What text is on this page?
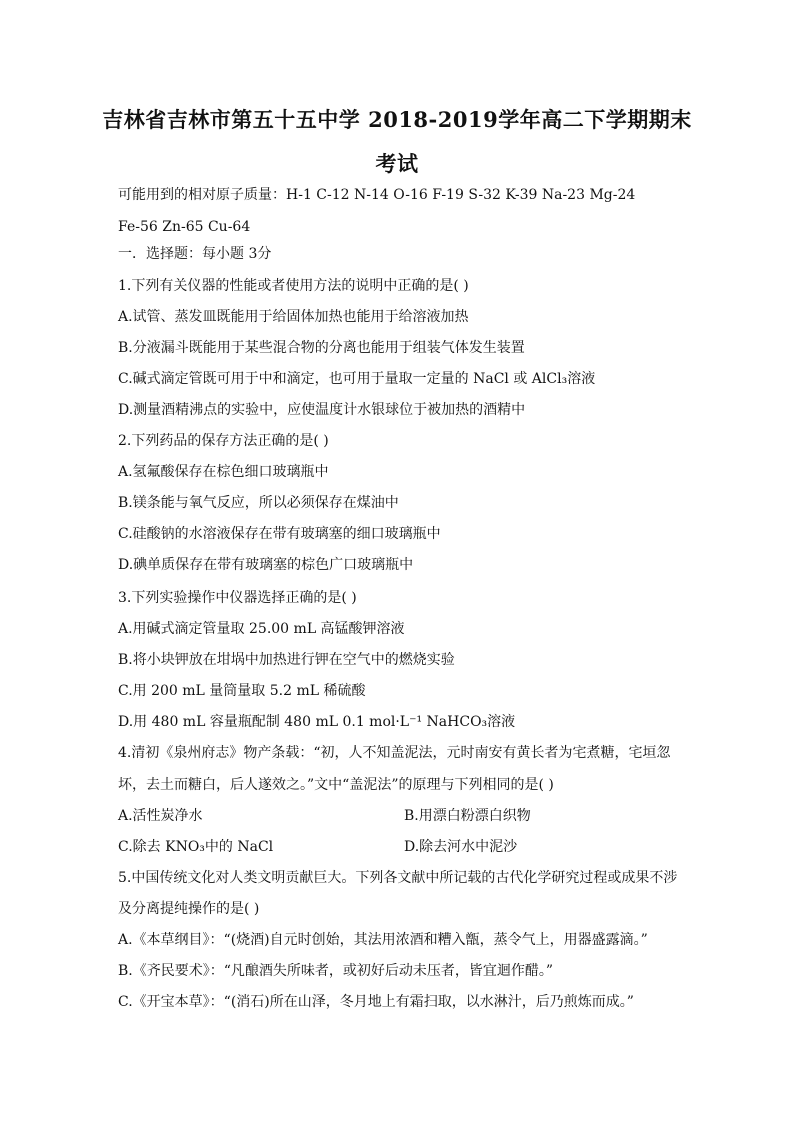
吉林省吉林市第五十五中学 2018-2019学年高二下学期期末
考试
可能用到的相对原子质量：H-1 C-12 N-14 O-16 F-19 S-32 K-39 Na-23 Mg-24
Fe-56 Zn-65 Cu-64
一．选择题：每小题 3分
1.下列有关仪器的性能或者使用方法的说明中正确的是( )
A.试管、蒸发皿既能用于给固体加热也能用于给溶液加热
B.分液漏斗既能用于某些混合物的分离也能用于组装气体发生装置
C.碱式滴定管既可用于中和滴定，也可用于量取一定量的 NaCl 或 AlCl₃溶液
D.测量酒精沸点的实验中，应使温度计水银球位于被加热的酒精中
2.下列药品的保存方法正确的是( )
A.氢氟酸保存在棕色细口玻璃瓶中
B.镁条能与氧气反应，所以必须保存在煤油中
C.硅酸钠的水溶液保存在带有玻璃塞的细口玻璃瓶中
D.碘单质保存在带有玻璃塞的棕色广口玻璃瓶中
3.下列实验操作中仪器选择正确的是( )
A.用碱式滴定管量取 25.00 mL 高锰酸钾溶液
B.将小块钾放在坩埚中加热进行钾在空气中的燃烧实验
C.用 200 mL 量筒量取 5.2 mL 稀硫酸
D.用 480 mL 容量瓶配制 480 mL 0.1 mol·L⁻¹ NaHCO₃溶液
4.清初《泉州府志》物产条载：“初，人不知盖泥法，元时南安有黄长者为宅煮糖，宅垣忽
坏，去土而糖白，后人遂效之。”文中“盖泥法”的原理与下列相同的是( )
A.活性炭净水	B.用漂白粉漂白织物
C.除去 KNO₃中的 NaCl	D.除去河水中泥沙
5.中国传统文化对人类文明贡献巨大。下列各文献中所记载的古代化学研究过程或成果不涉
及分离提纯操作的是( )
A.《本草纲目》：“(烧酒)自元时创始，其法用浓酒和糟入甑，蒸令气上，用器盛露滴。”
B.《齐民要术》：“凡酿酒失所味者，或初好后动未压者，皆宜迴作醋。”
C.《开宝本草》：“(消石)所在山泽，冬月地上有霜扫取，以水淋汁，后乃煎炼而成。”
